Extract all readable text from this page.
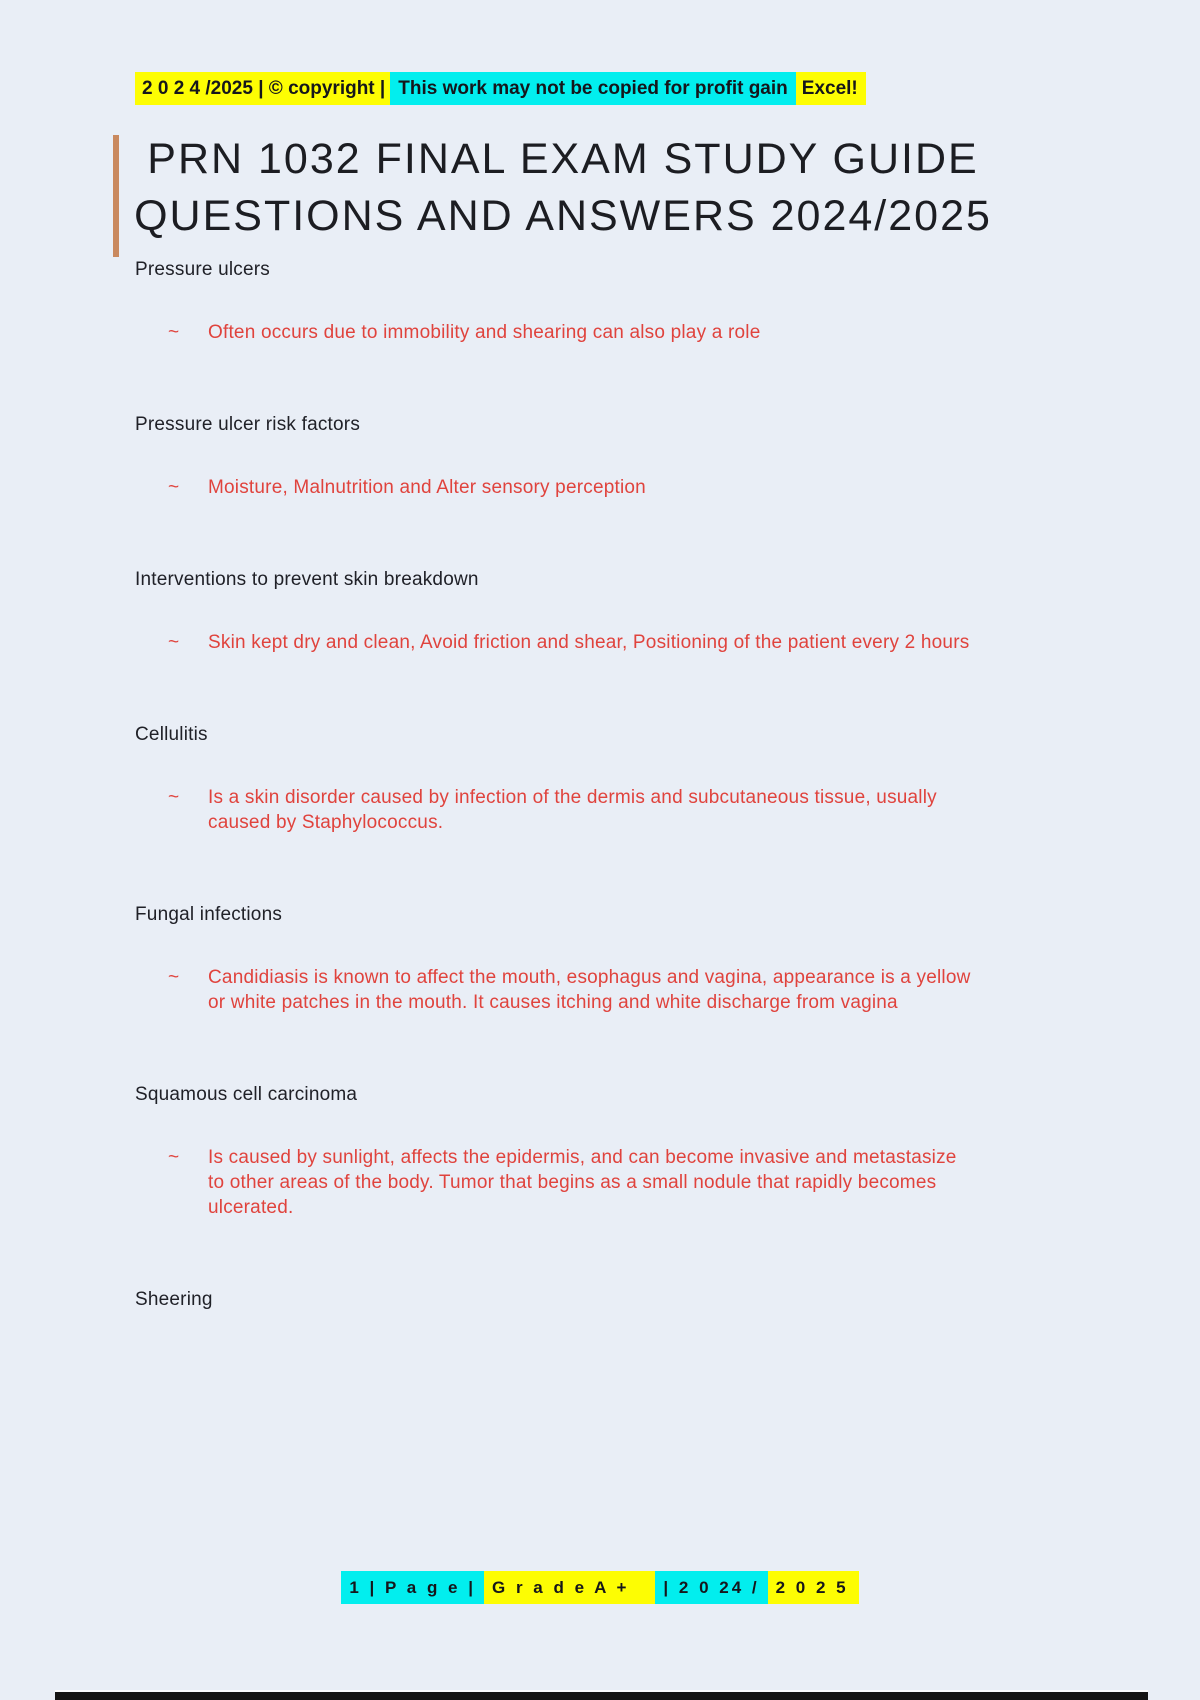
2 0 2 4 /2025 | © copyright | This work may not be copied for profit gain Excel!
PRN 1032 FINAL EXAM STUDY GUIDE
QUESTIONS AND ANSWERS 2024/2025
Pressure ulcers
~	Often occurs due to immobility and shearing can also play a role

Pressure ulcer risk factors
~	Moisture, Malnutrition and Alter sensory perception

Interventions to prevent skin breakdown
~	Skin kept dry and clean, Avoid friction and shear, Positioning of the patient every 2 hours

Cellulitis
~	Is a skin disorder caused by infection of the dermis and subcutaneous tissue, usually caused by Staphylococcus.

Fungal infections
~	Candidiasis is known to affect the mouth, esophagus and vagina, appearance is a yellow or white patches in the mouth. It causes itching and white discharge from vagina

Squamous cell carcinoma
~	Is caused by sunlight, affects the epidermis, and can become invasive and metastasize to other areas of the body. Tumor that begins as a small nodule that rapidly becomes ulcerated.

Sheering
1 | P a g e | G r a d e A + | 2 0 24 / 2 0 2 5
